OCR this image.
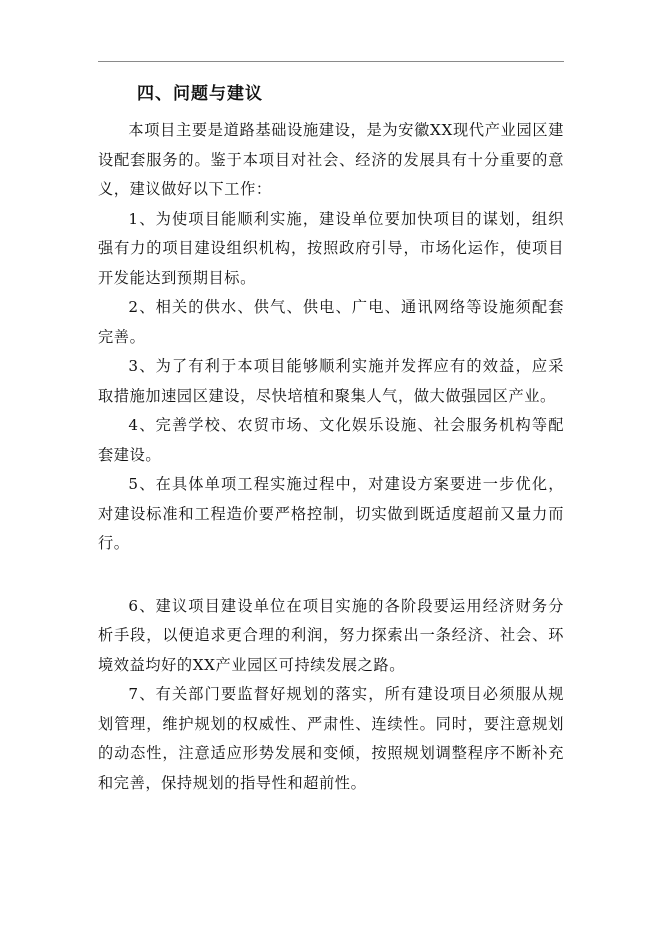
四、问题与建议

本项目主要是道路基础设施建设，是为安徽XX现代产业园区建设配套服务的。鉴于本项目对社会、经济的发展具有十分重要的意义，建议做好以下工作：

1、为使项目能顺利实施，建设单位要加快项目的谋划，组织强有力的项目建设组织机构，按照政府引导，市场化运作，使项目开发能达到预期目标。

2、相关的供水、供气、供电、广电、通讯网络等设施须配套完善。

3、为了有利于本项目能够顺利实施并发挥应有的效益，应采取措施加速园区建设，尽快培植和聚集人气，做大做强园区产业。

4、完善学校、农贸市场、文化娱乐设施、社会服务机构等配套建设。

5、在具体单项工程实施过程中，对建设方案要进一步优化，对建设标准和工程造价要严格控制，切实做到既适度超前又量力而行。

6、建议项目建设单位在项目实施的各阶段要运用经济财务分析手段，以便追求更合理的利润，努力探索出一条经济、社会、环境效益均好的XX产业园区可持续发展之路。

7、有关部门要监督好规划的落实，所有建设项目必须服从规划管理，维护规划的权威性、严肃性、连续性。同时，要注意规划的动态性，注意适应形势发展和变倾，按照规划调整程序不断补充和完善，保持规划的指导性和超前性。
